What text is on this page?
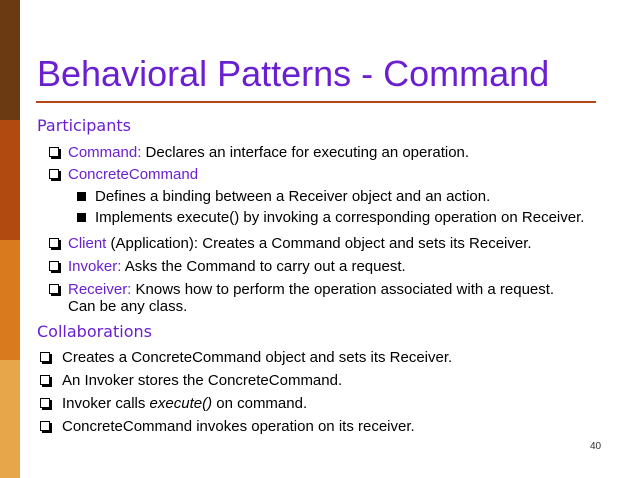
Behavioral Patterns - Command
Participants
Command: Declares an interface for executing an operation.
ConcreteCommand
Defines a binding between a Receiver object and an action.
Implements execute() by invoking a corresponding operation on Receiver.
Client (Application): Creates a Command object and sets its Receiver.
Invoker: Asks the Command to carry out a request.
Receiver: Knows how to perform the operation associated with a request.
Can be any class.
Collaborations
Creates a ConcreteCommand object and sets its Receiver.
An Invoker stores the ConcreteCommand.
Invoker calls execute() on command.
ConcreteCommand invokes operation on its receiver.
40
